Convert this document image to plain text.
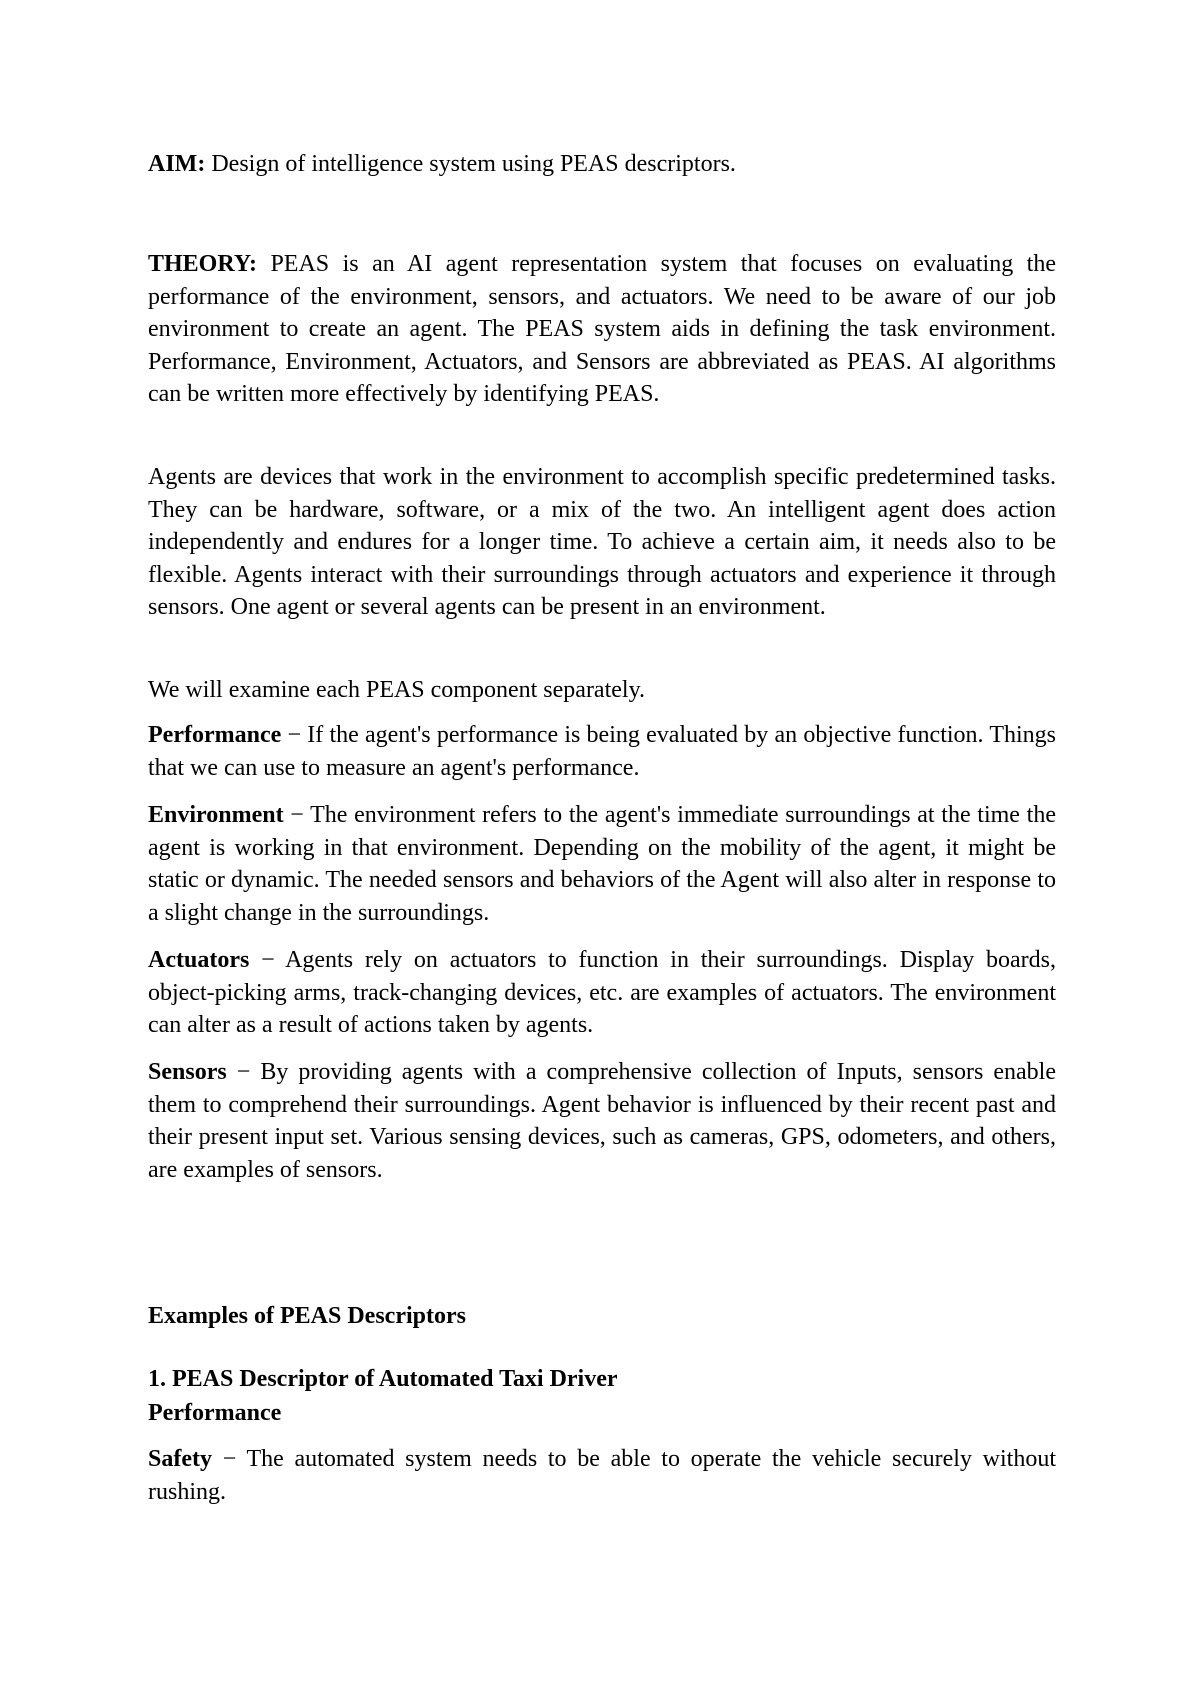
AIM: Design of intelligence system using PEAS descriptors.

THEORY: PEAS is an AI agent representation system that focuses on evaluating the performance of the environment, sensors, and actuators. We need to be aware of our job environment to create an agent. The PEAS system aids in defining the task environment. Performance, Environment, Actuators, and Sensors are abbreviated as PEAS. AI algorithms can be written more effectively by identifying PEAS.

Agents are devices that work in the environment to accomplish specific predetermined tasks. They can be hardware, software, or a mix of the two. An intelligent agent does action independently and endures for a longer time. To achieve a certain aim, it needs also to be flexible. Agents interact with their surroundings through actuators and experience it through sensors. One agent or several agents can be present in an environment.

We will examine each PEAS component separately.

Performance − If the agent's performance is being evaluated by an objective function. Things that we can use to measure an agent's performance.

Environment − The environment refers to the agent's immediate surroundings at the time the agent is working in that environment. Depending on the mobility of the agent, it might be static or dynamic. The needed sensors and behaviors of the Agent will also alter in response to a slight change in the surroundings.

Actuators − Agents rely on actuators to function in their surroundings. Display boards, object-picking arms, track-changing devices, etc. are examples of actuators. The environment can alter as a result of actions taken by agents.

Sensors − By providing agents with a comprehensive collection of Inputs, sensors enable them to comprehend their surroundings. Agent behavior is influenced by their recent past and their present input set. Various sensing devices, such as cameras, GPS, odometers, and others, are examples of sensors.

Examples of PEAS Descriptors

1. PEAS Descriptor of Automated Taxi Driver

Performance

Safety − The automated system needs to be able to operate the vehicle securely without rushing.
